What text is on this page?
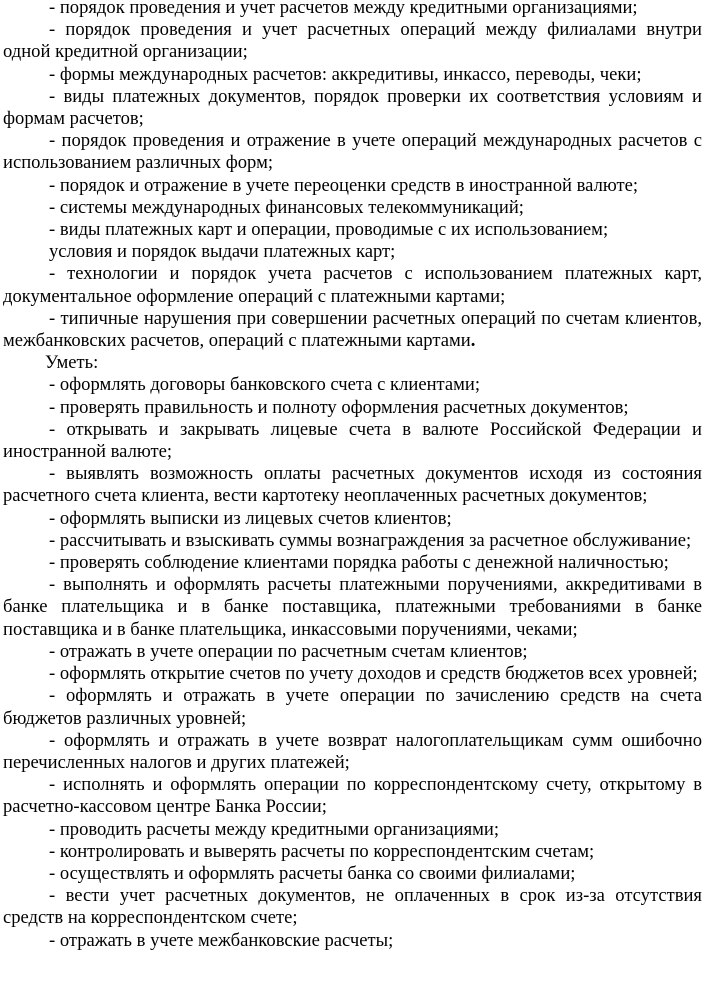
- порядок проведения и учет расчетов между кредитными организациями;

- порядок проведения и учет расчетных операций между филиалами внутри одной кредитной организации;

- формы международных расчетов: аккредитивы, инкассо, переводы, чеки;

- виды платежных документов, порядок проверки их соответствия условиям и формам расчетов;

- порядок проведения и отражение в учете операций международных расчетов с использованием различных форм;

- порядок и отражение в учете переоценки средств в иностранной валюте;

- системы международных финансовых телекоммуникаций;

- виды платежных карт и операции, проводимые с их использованием;

условия и порядок выдачи платежных карт;

- технологии и порядок учета расчетов с использованием платежных карт, документальное оформление операций с платежными картами;

- типичные нарушения при совершении расчетных операций по счетам клиентов, межбанковских расчетов, операций с платежными картами.

Уметь:

- оформлять договоры банковского счета с клиентами;

- проверять правильность и полноту оформления расчетных документов;

- открывать и закрывать лицевые счета в валюте Российской Федерации и иностранной валюте;

- выявлять возможность оплаты расчетных документов исходя из состояния расчетного счета клиента, вести картотеку неоплаченных расчетных документов;

- оформлять выписки из лицевых счетов клиентов;

- рассчитывать и взыскивать суммы вознаграждения за расчетное обслуживание;

- проверять соблюдение клиентами порядка работы с денежной наличностью;

- выполнять и оформлять расчеты платежными поручениями, аккредитивами в банке плательщика и в банке поставщика, платежными требованиями в банке поставщика и в банке плательщика, инкассовыми поручениями, чеками;

- отражать в учете операции по расчетным счетам клиентов;

- оформлять открытие счетов по учету доходов и средств бюджетов всех уровней;

- оформлять и отражать в учете операции по зачислению средств на счета бюджетов различных уровней;

- оформлять и отражать в учете возврат налогоплательщикам сумм ошибочно перечисленных налогов и других платежей;

- исполнять и оформлять операции по корреспондентскому счету, открытому в расчетно-кассовом центре Банка России;

- проводить расчеты между кредитными организациями;

- контролировать и выверять расчеты по корреспондентским счетам;

- осуществлять и оформлять расчеты банка со своими филиалами;

- вести учет расчетных документов, не оплаченных в срок из-за отсутствия средств на корреспондентском счете;

- отражать в учете межбанковские расчеты;
